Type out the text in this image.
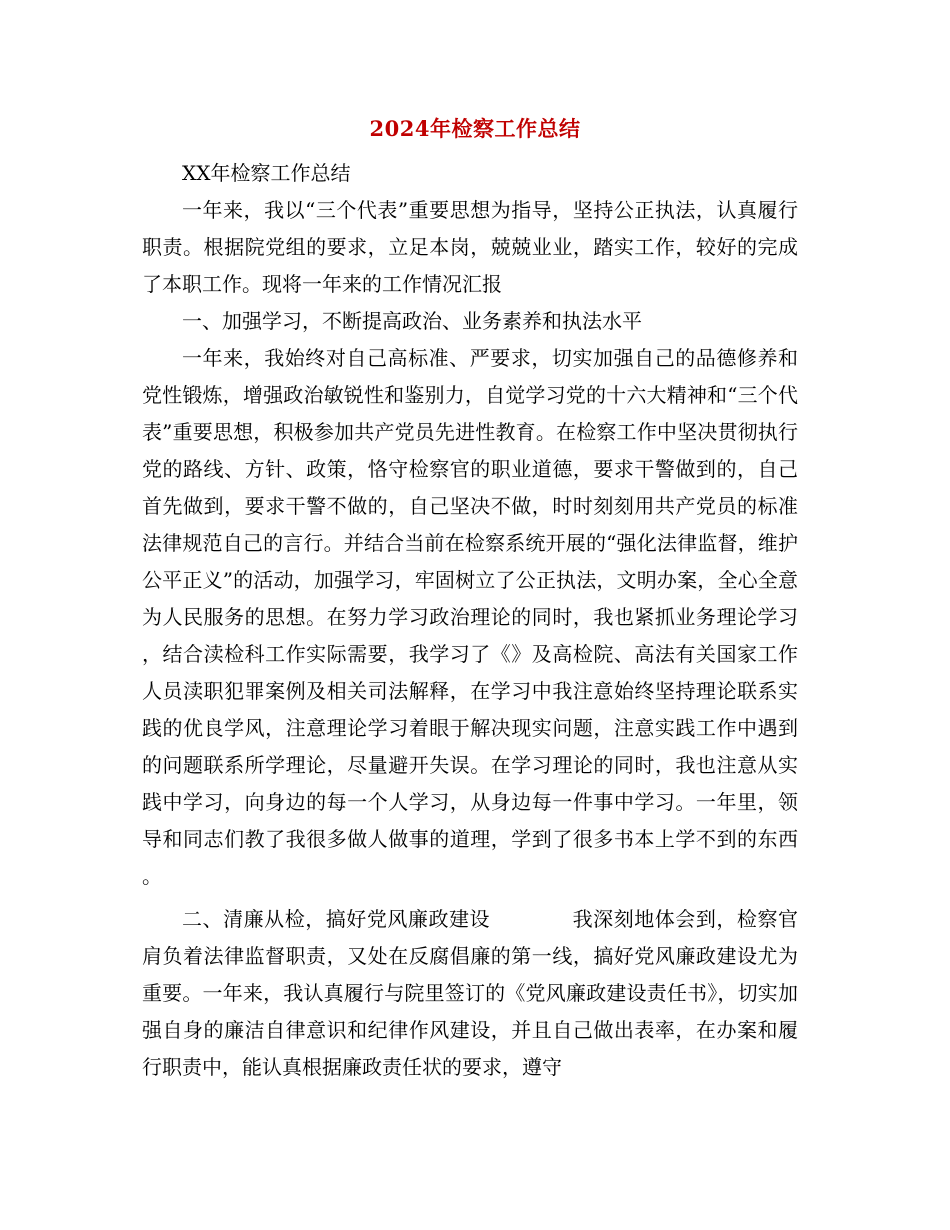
2024年检察工作总结

XX年检察工作总结

一年来，我以“三个代表”重要思想为指导，坚持公正执法，认真履行职责。根据院党组的要求，立足本岗，兢兢业业，踏实工作，较好的完成了本职工作。现将一年来的工作情况汇报

一、加强学习，不断提高政治、业务素养和执法水平

一年来，我始终对自己高标准、严要求，切实加强自己的品德修养和党性锻炼，增强政治敏锐性和鉴别力，自觉学习党的十六大精神和“三个代表”重要思想，积极参加共产党员先进性教育。在检察工作中坚决贯彻执行党的路线、方针、政策，恪守检察官的职业道德，要求干警做到的，自己首先做到，要求干警不做的，自己坚决不做，时时刻刻用共产党员的标准法律规范自己的言行。并结合当前在检察系统开展的“强化法律监督，维护公平正义”的活动，加强学习，牢固树立了公正执法，文明办案，全心全意为人民服务的思想。在努力学习政治理论的同时，我也紧抓业务理论学习，结合渎检科工作实际需要，我学习了《》及高检院、高法有关国家工作人员渎职犯罪案例及相关司法解释，在学习中我注意始终坚持理论联系实践的优良学风，注意理论学习着眼于解决现实问题，注意实践工作中遇到的问题联系所学理论，尽量避开失误。在学习理论的同时，我也注意从实践中学习，向身边的每一个人学习，从身边每一件事中学习。一年里，领导和同志们教了我很多做人做事的道理，学到了很多书本上学不到的东西。

二、清廉从检，搞好党风廉政建设	我深刻地体会到，检察官肩负着法律监督职责，又处在反腐倡廉的第一线，搞好党风廉政建设尤为重要。一年来，我认真履行与院里签订的《党风廉政建设责任书》，切实加强自身的廉洁自律意识和纪律作风建设，并且自己做出表率，在办案和履行职责中，能认真根据廉政责任状的要求，遵守
